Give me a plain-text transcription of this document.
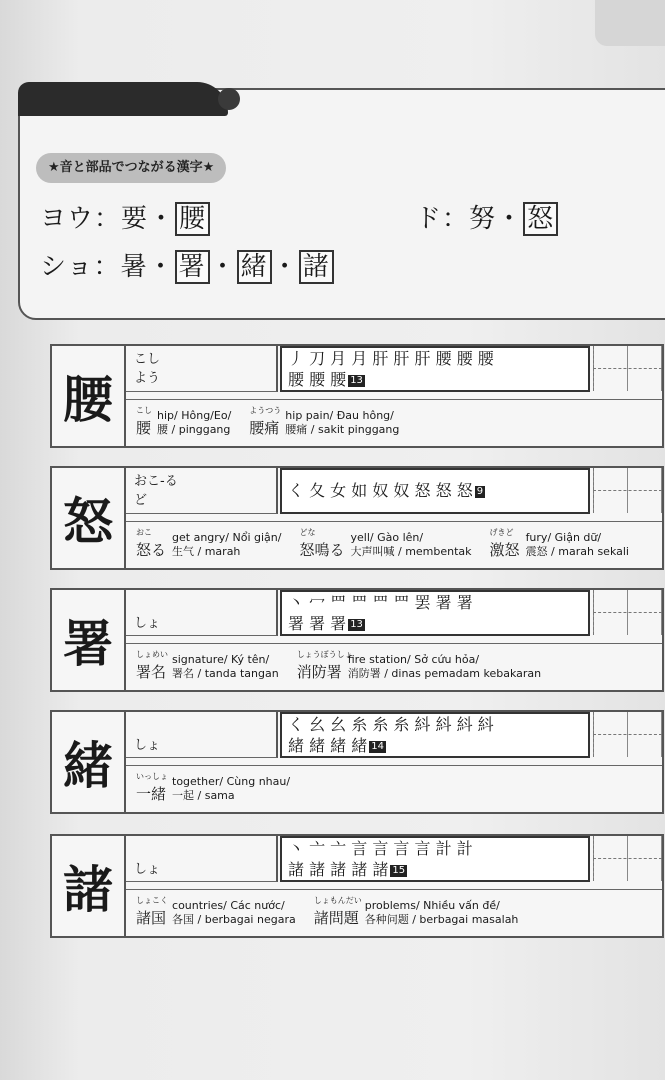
★音と部品でつながる漢字★
ヨウ：要・ 腰	ド：努・ 怒
ショ：暑・ 署 ・ 緒 ・ 諸
腰
こし
よう
丿 刀 月 月 肝 肝 肝 腰 腰 腰
腰 腰 腰 13
こし
腰
hip/ Hông/Eo/
腰 / pinggang
ようつう
腰痛
hip pain/ Đau hông/
腰痛 / sakit pinggang
怒
おこ-る
ど
く 夂 女 如 奴 奴 怒 怒 怒 9
おこ
怒る
get angry/ Nổi giận/
生气 / marah
どな
怒鳴る
yell/ Gào lên/
大声叫喊 / membentak
げきど
激怒
fury/ Giận dữ/
震怒 / marah sekali
署	しょ
丶 冖 罒 罒 罒 罒 罢 署 署
署 署 署 13
しょめい
署名
signature/ Ký tên/
署名 / tanda tangan
しょうぼうしょ
消防署
fire station/ Sở cứu hỏa/
消防署 / dinas pemadam kebakaran
緒	しょ
く 幺 幺 糸 糸 糸 紏 紏 紏 紏
緒 緒 緒 緒 14
いっしょ
一緒
together/ Cùng nhau/
一起 / sama
諸	しょ
丶 亠 亠 言 言 言 言 計 計
諸 諸 諸 諸 諸 15
しょこく
諸国
countries/ Các nước/
各国 / berbagai negara
しょもんだい
諸問題
problems/ Nhiều vấn đề/
各种问题 / berbagai masalah
